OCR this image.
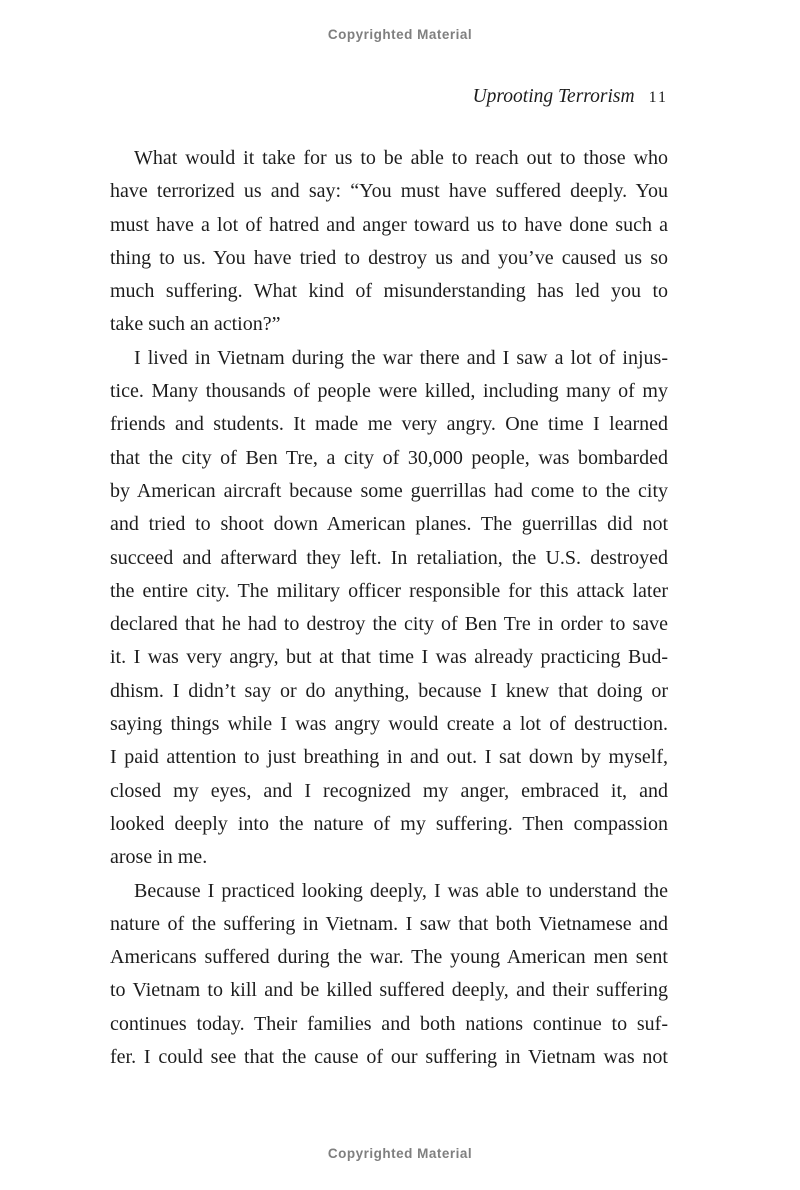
Copyrighted Material
Uprooting Terrorism 11
What would it take for us to be able to reach out to those who
have terrorized us and say: “You must have suffered deeply. You
must have a lot of hatred and anger toward us to have done such a
thing to us. You have tried to destroy us and you’ve caused us so
much suffering. What kind of misunderstanding has led you to
take such an action?”
I lived in Vietnam during the war there and I saw a lot of injus-
tice. Many thousands of people were killed, including many of my
friends and students. It made me very angry. One time I learned
that the city of Ben Tre, a city of 30,000 people, was bombarded
by American aircraft because some guerrillas had come to the city
and tried to shoot down American planes. The guerrillas did not
succeed and afterward they left. In retaliation, the U.S. destroyed
the entire city. The military officer responsible for this attack later
declared that he had to destroy the city of Ben Tre in order to save
it. I was very angry, but at that time I was already practicing Bud-
dhism. I didn’t say or do anything, because I knew that doing or
saying things while I was angry would create a lot of destruction.
I paid attention to just breathing in and out. I sat down by myself,
closed my eyes, and I recognized my anger, embraced it, and
looked deeply into the nature of my suffering. Then compassion
arose in me.
Because I practiced looking deeply, I was able to understand the
nature of the suffering in Vietnam. I saw that both Vietnamese and
Americans suffered during the war. The young American men sent
to Vietnam to kill and be killed suffered deeply, and their suffering
continues today. Their families and both nations continue to suf-
fer. I could see that the cause of our suffering in Vietnam was not
Copyrighted Material
